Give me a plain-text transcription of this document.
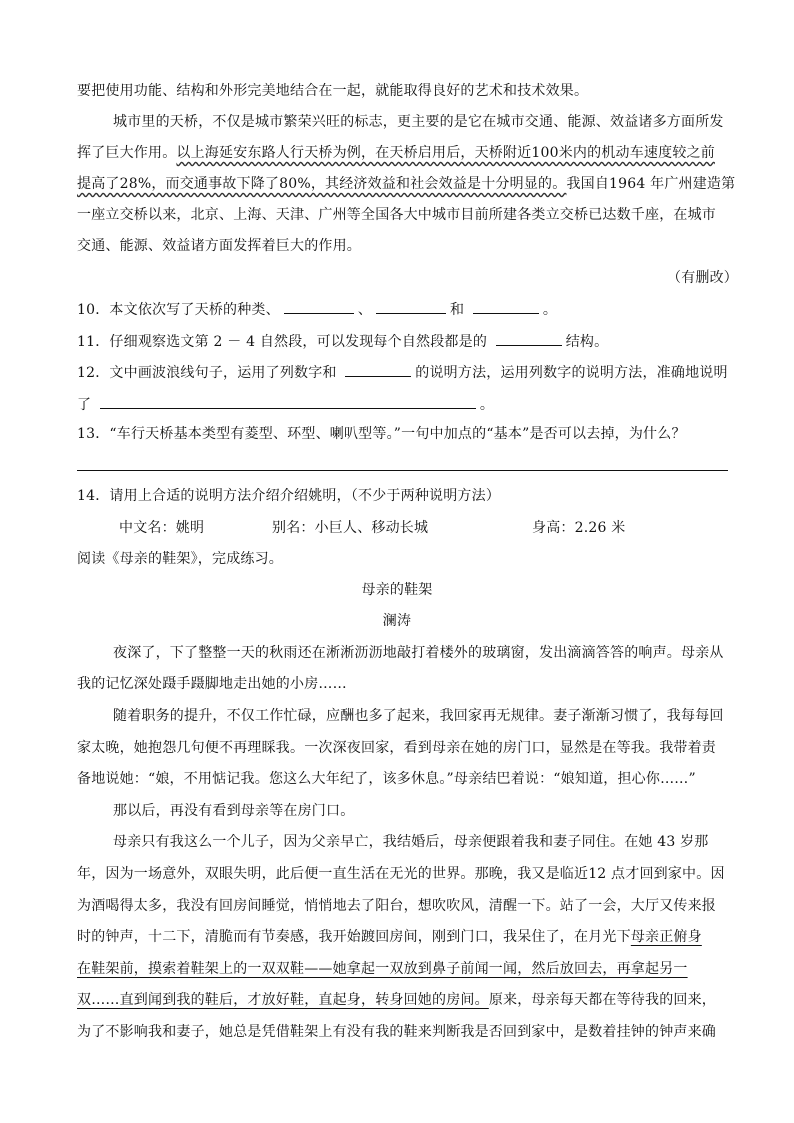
要把使用功能、结构和外形完美地结合在一起，就能取得良好的艺术和技术效果。
城市里的天桥，不仅是城市繁荣兴旺的标志，更主要的是它在城市交通、能源、效益诸多方面所发
挥了巨大作用。以上海延安东路人行天桥为例，在天桥启用后，天桥附近100米内的机动车速度较之前
提高了28%，而交通事故下降了80%，其经济效益和社会效益是十分明显的。我国自1964 年广州建造第
一座立交桥以来，北京、上海、天津、广州等全国各大中城市目前所建各类立交桥已达数千座，在城市
交通、能源、效益诸方面发挥着巨大的作用。
（有删改）
10．本文依次写了天桥的种类、	、	和	。
11．仔细观察选文第 2 － 4 自然段，可以发现每个自然段都是的	结构。
12．文中画波浪线句子，运用了列数字和	的说明方法，运用列数字的说明方法，准确地说明
了	。
13．“车行天桥基本类型有菱型、环型、喇叭型等。”一句中加点的“基本”是否可以去掉，为什么？
14．请用上合适的说明方法介绍介绍姚明，（不少于两种说明方法）
中文名：姚明	别名：小巨人、移动长城	身高：2.26 米
阅读《母亲的鞋架》，完成练习。
母亲的鞋架
澜涛
夜深了，下了整整一天的秋雨还在淅淅沥沥地敲打着楼外的玻璃窗，发出滴滴答答的响声。母亲从
我的记忆深处蹑手蹑脚地走出她的小房……
随着职务的提升，不仅工作忙碌，应酬也多了起来，我回家再无规律。妻子渐渐习惯了，我每每回
家太晚，她抱怨几句便不再理睬我。一次深夜回家，看到母亲在她的房门口，显然是在等我。我带着责
备地说她：“娘，不用惦记我。您这么大年纪了，该多休息。”母亲结巴着说：“娘知道，担心你……”
那以后，再没有看到母亲等在房门口。
母亲只有我这么一个儿子，因为父亲早亡，我结婚后，母亲便跟着我和妻子同住。在她 43 岁那
年，因为一场意外，双眼失明，此后便一直生活在无光的世界。那晚，我又是临近12 点才回到家中。因
为酒喝得太多，我没有回房间睡觉，悄悄地去了阳台，想吹吹风，清醒一下。站了一会，大厅又传来报
时的钟声，十二下，清脆而有节奏感，我开始踱回房间，刚到门口，我呆住了，在月光下母亲正俯身
在鞋架前，摸索着鞋架上的一双双鞋——她拿起一双放到鼻子前闻一闻，然后放回去，再拿起另一
双……直到闻到我的鞋后，才放好鞋，直起身，转身回她的房间。原来，母亲每天都在等待我的回来，
为了不影响我和妻子，她总是凭借鞋架上有没有我的鞋来判断我是否回到家中，是数着挂钟的钟声来确
